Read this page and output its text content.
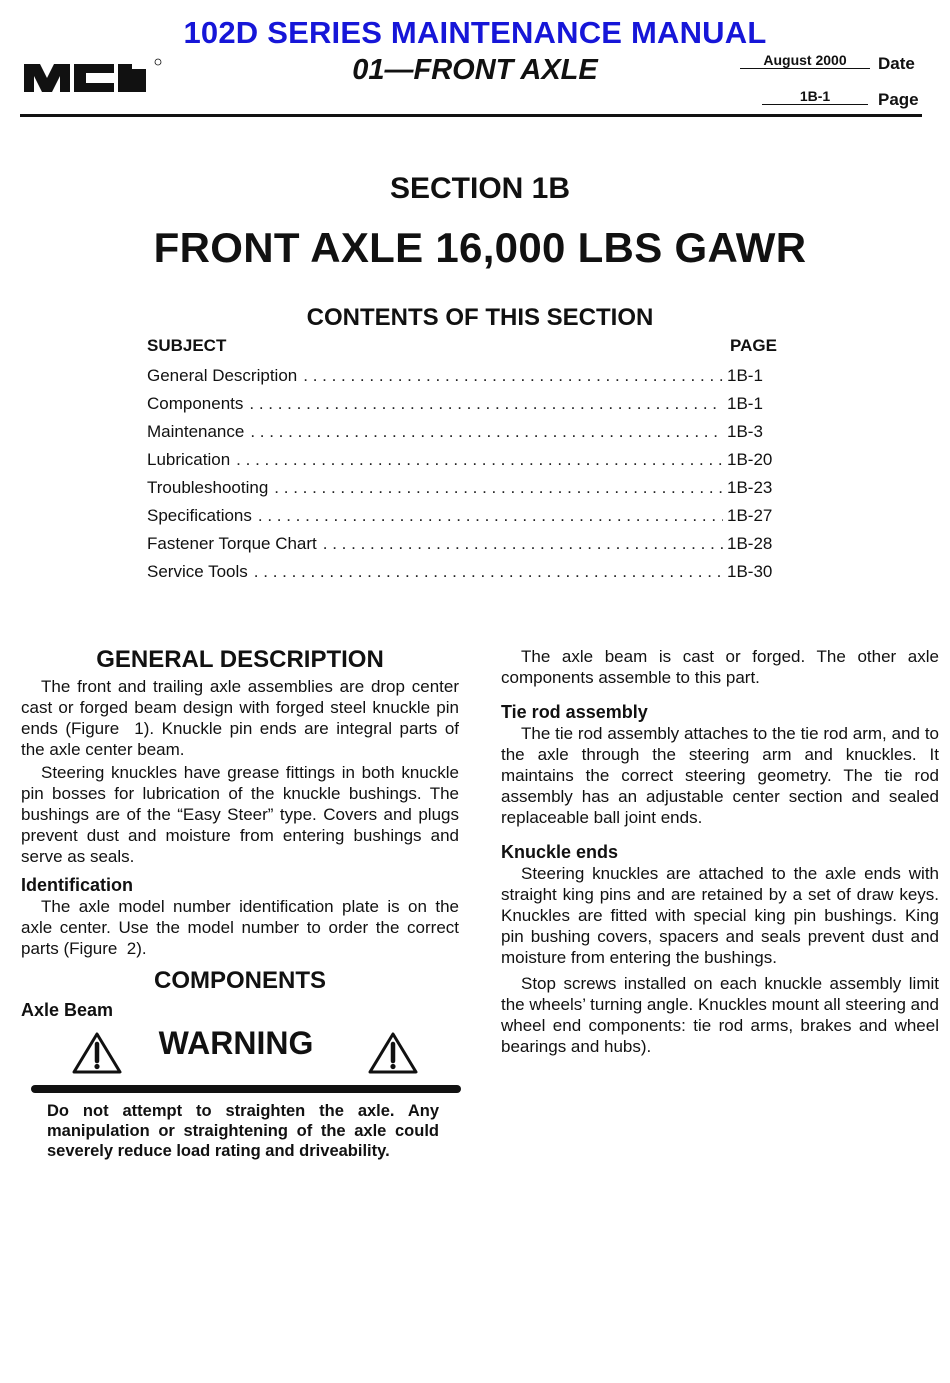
102D SERIES MAINTENANCE MANUAL
01—FRONT AXLE	August 2000	Date
1B-1	Page
SECTION 1B
FRONT AXLE 16,000 LBS GAWR
CONTENTS OF THIS SECTION
SUBJECT	PAGE
General Description . . .	1B-1
Components . . .	1B-1
Maintenance . . .	1B-3
Lubrication . . .	1B-20
Troubleshooting . . .	1B-23
Specifications . . .	1B-27
Fastener Torque Chart . . .	1B-28
Service Tools . . .	1B-30
GENERAL DESCRIPTION

The front and trailing axle assemblies are drop center cast or forged beam design with forged steel knuckle pin ends (Figure  1). Knuckle pin ends are integral parts of the axle center beam.

Steering knuckles have grease fittings in both knuckle pin bosses for lubrication of the knuckle bushings. The bushings are of the “Easy Steer” type. Covers and plugs prevent dust and moisture from entering bushings and serve as seals.

Identification

The axle model number identification plate is on the axle center. Use the model number to order the correct parts (Figure  2).

COMPONENTS
Axle Beam
WARNING

Do not attempt to straighten the axle. Any manipulation or straightening of the axle could severely reduce load rating and driveability.

The axle beam is cast or forged. The other axle components assemble to this part.

Tie rod assembly

The tie rod assembly attaches to the tie rod arm, and to the axle through the steering arm and knuckles. It maintains the correct steering geometry. The tie rod assembly has an adjustable center section and sealed replaceable ball joint ends.

Knuckle ends

Steering knuckles are attached to the axle ends with straight king pins and are retained by a set of draw keys. Knuckles are fitted with special king pin bushings. King pin bushing covers, spacers and seals prevent dust and moisture from entering the bushings.

Stop screws installed on each knuckle assembly limit the wheels’ turning angle. Knuckles mount all steering and wheel end components: tie rod arms, brakes and wheel bearings and hubs).
